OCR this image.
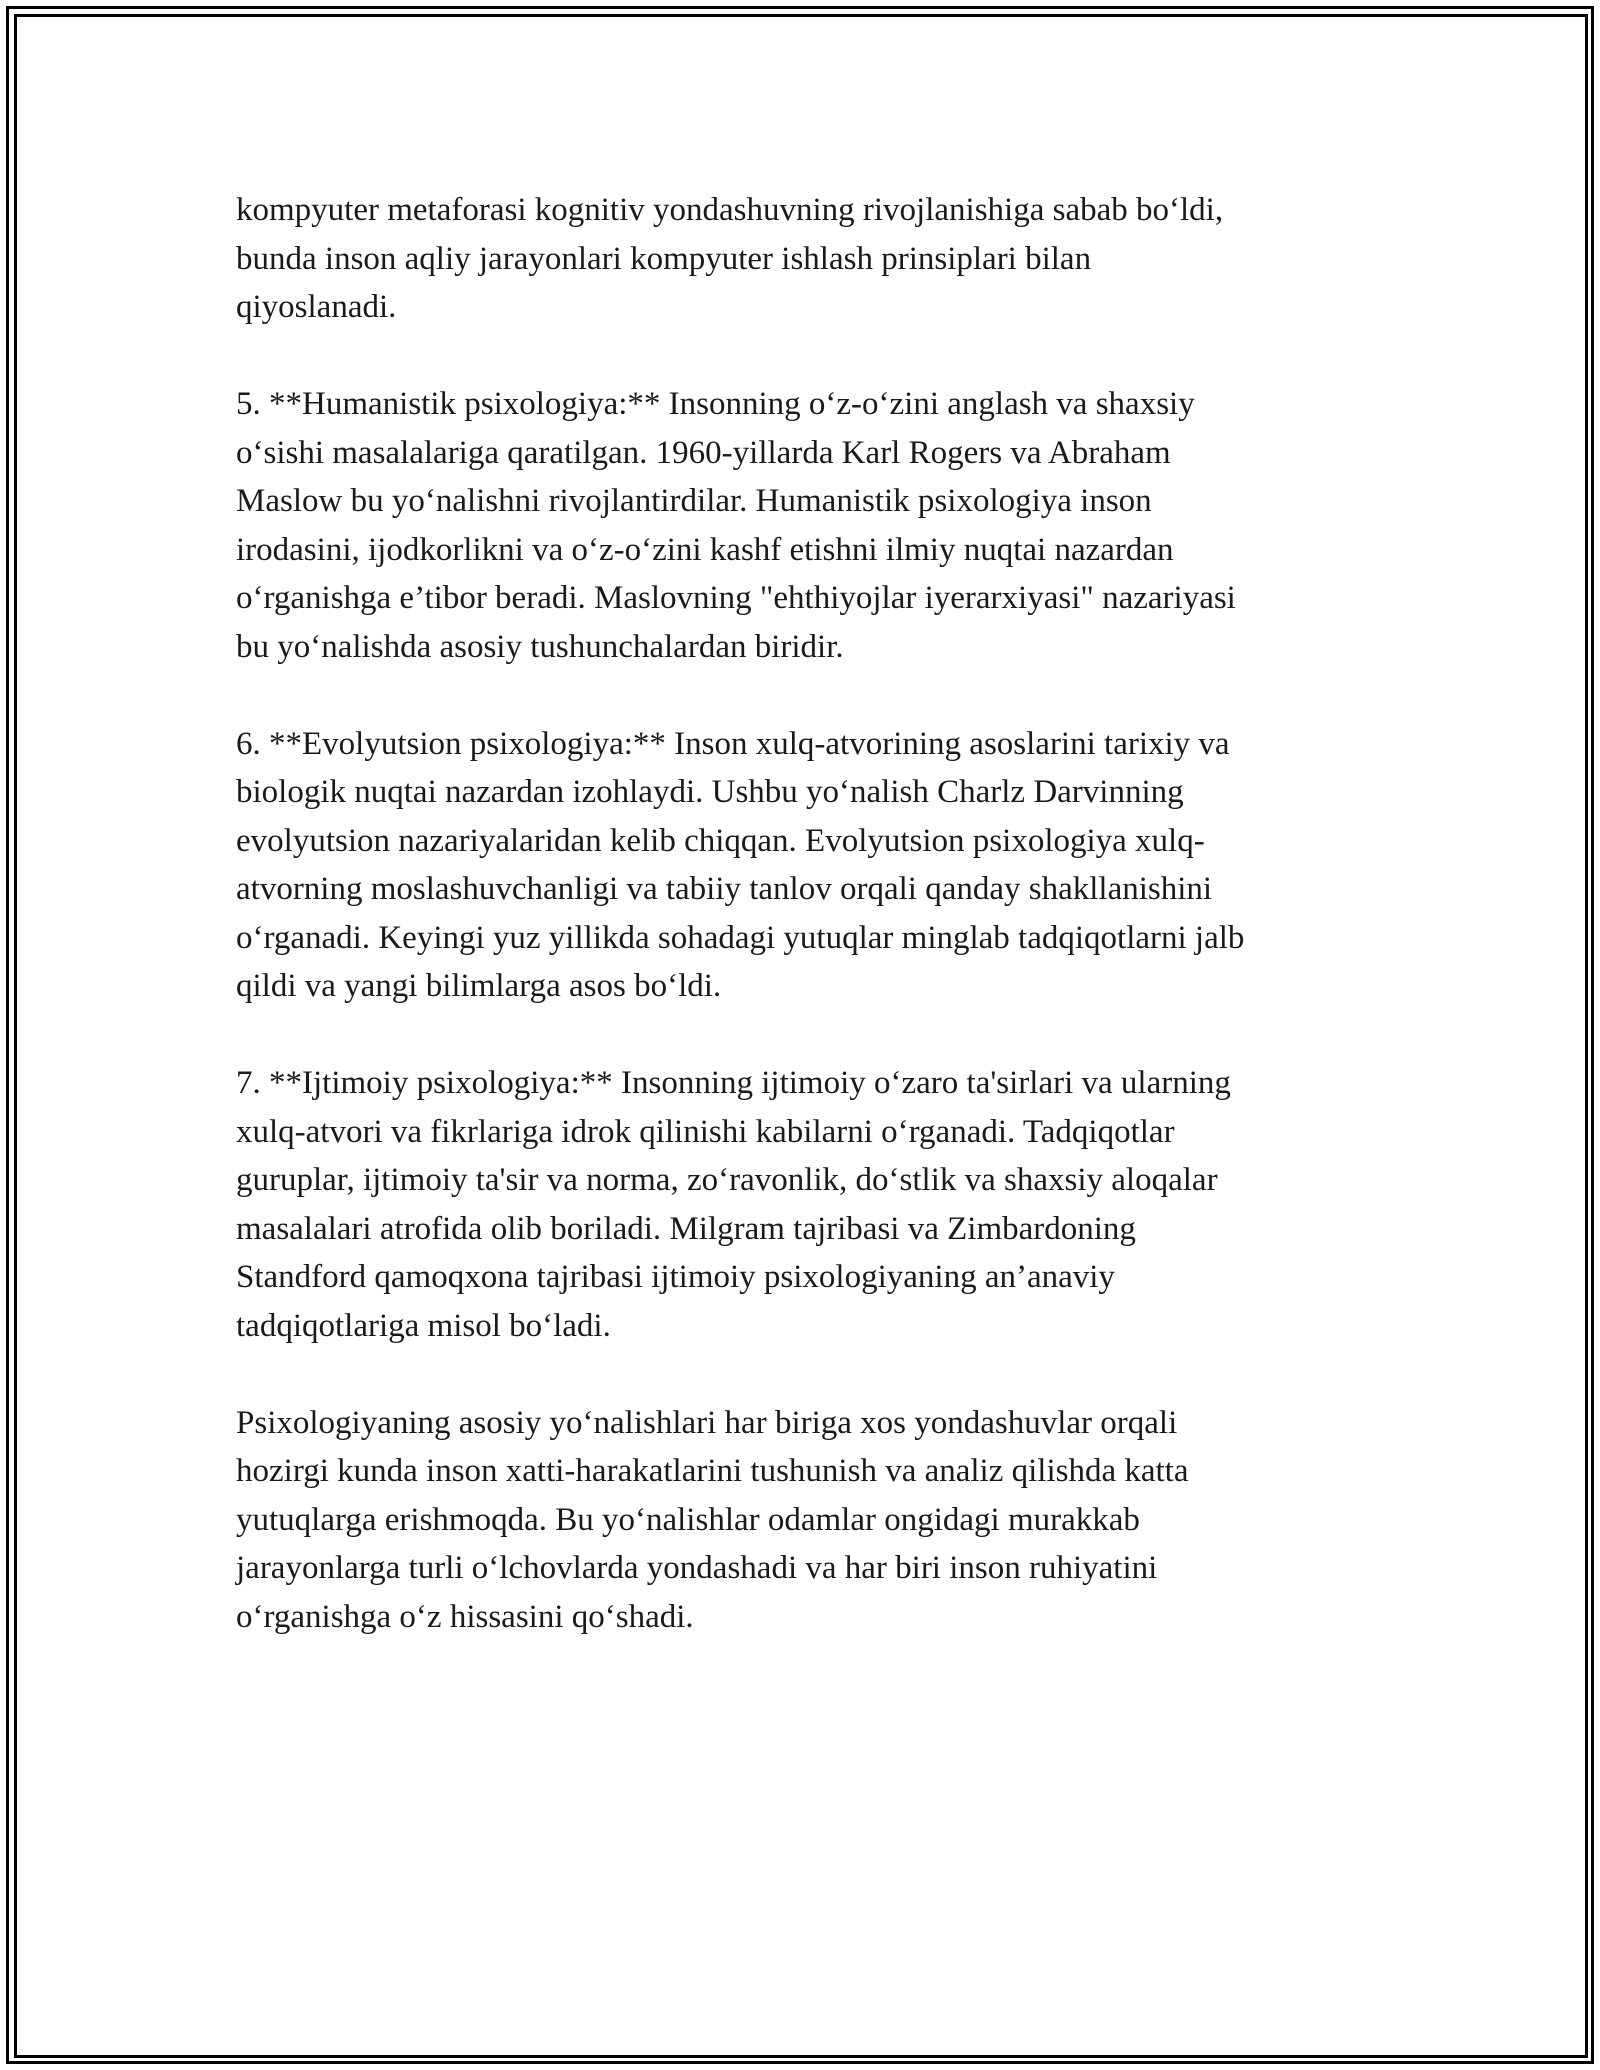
kompyuter metaforasi kognitiv yondashuvning rivojlanishiga sabab bo‘ldi,
bunda inson aqliy jarayonlari kompyuter ishlash prinsiplari bilan
qiyoslanadi.

5. **Humanistik psixologiya:** Insonning o‘z-o‘zini anglash va shaxsiy
o‘sishi masalalariga qaratilgan. 1960-yillarda Karl Rogers va Abraham
Maslow bu yo‘nalishni rivojlantirdilar. Humanistik psixologiya inson
irodasini, ijodkorlikni va o‘z-o‘zini kashf etishni ilmiy nuqtai nazardan
o‘rganishga e’tibor beradi. Maslovning "ehthiyojlar iyerarxiyasi" nazariyasi
bu yo‘nalishda asosiy tushunchalardan biridir.

6. **Evolyutsion psixologiya:** Inson xulq-atvorining asoslarini tarixiy va
biologik nuqtai nazardan izohlaydi. Ushbu yo‘nalish Charlz Darvinning
evolyutsion nazariyalaridan kelib chiqqan. Evolyutsion psixologiya xulq-
atvorning moslashuvchanligi va tabiiy tanlov orqali qanday shakllanishini
o‘rganadi. Keyingi yuz yillikda sohadagi yutuqlar minglab tadqiqotlarni jalb
qildi va yangi bilimlarga asos bo‘ldi.

7. **Ijtimoiy psixologiya:** Insonning ijtimoiy o‘zaro ta'sirlari va ularning
xulq-atvori va fikrlariga idrok qilinishi kabilarni o‘rganadi. Tadqiqotlar
guruplar, ijtimoiy ta'sir va norma, zo‘ravonlik, do‘stlik va shaxsiy aloqalar
masalalari atrofida olib boriladi. Milgram tajribasi va Zimbardoning
Standford qamoqxona tajribasi ijtimoiy psixologiyaning an’anaviy
tadqiqotlariga misol bo‘ladi.

Psixologiyaning asosiy yo‘nalishlari har biriga xos yondashuvlar orqali
hozirgi kunda inson xatti-harakatlarini tushunish va analiz qilishda katta
yutuqlarga erishmoqda. Bu yo‘nalishlar odamlar ongidagi murakkab
jarayonlarga turli o‘lchovlarda yondashadi va har biri inson ruhiyatini
o‘rganishga o‘z hissasini qo‘shadi.
